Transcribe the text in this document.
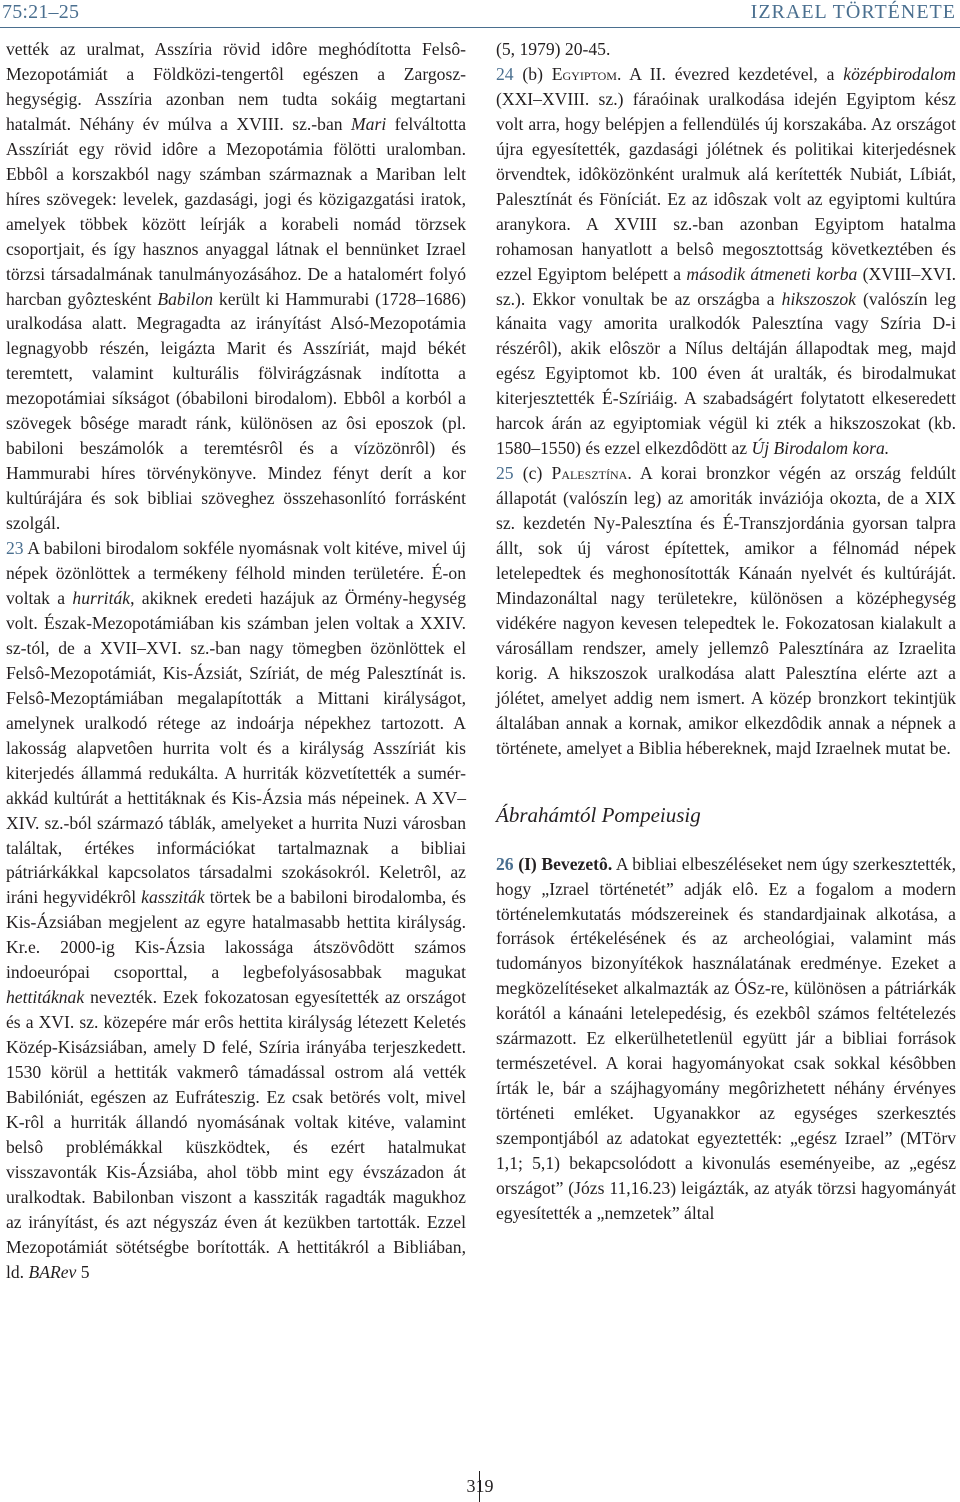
75:21–25	IZRAEL TÖRTÉNETE

vették az uralmat, Asszíria rövid idôre meghódította Felsô-Mezopotámiát a Földközi-tengertôl egészen a Zargosz-hegységig. Asszíria azonban nem tudta sokáig megtartani hatalmát. Néhány év múlva a XVIII. sz.-ban Mari felváltotta Asszíriát egy rövid idôre a Mezopotámia fölötti uralomban. Ebbôl a korszakból nagy számban származnak a Mariban lelt híres szövegek: levelek, gazdasági, jogi és közigazgatási iratok, amelyek többek között leírják a korabeli nomád törzsek csoportjait, és így hasznos anyaggal látnak el bennünket Izrael törzsi társadalmának tanulmányozásához. De a hatalomért folyó harcban gyôztesként Babilon került ki Hammurabi (1728–1686) uralkodása alatt. Megragadta az irányítást Alsó-Mezopotámia legnagyobb részén, leigázta Marit és Asszíriát, majd békét teremtett, valamint kulturális fölvirágzásnak indította a mezopotámiai síkságot (óbabiloni birodalom). Ebbôl a korból a szövegek bôsége maradt ránk, különösen az ôsi eposzok (pl. babiloni beszámolók a teremtésrôl és a vízözönrôl) és Hammurabi híres törvénykönyve. Mindez fényt derít a kor kultúrájára és sok bibliai szöveghez összehasonlító forrásként szolgál.

23 A babiloni birodalom sokféle nyomásnak volt kitéve, mivel új népek özönlöttek a termékeny félhold minden területére. É-on voltak a hurriták, akiknek eredeti hazájuk az Örmény-hegység volt. Észak-Mezopotámiában kis számban jelen voltak a XXIV. sz-tól, de a XVII–XVI. sz.-ban nagy tömegben özönlöttek el Felsô-Mezopotámiát, Kis-Ázsiát, Szíriát, de még Palesztínát is. Felsô-Mezoptámiában megalapították a Mittani királyságot, amelynek uralkodó rétege az indoárja népekhez tartozott. A lakosság alapvetôen hurrita volt és a királyság Asszíriát kis kiterjedés állammá redukálta. A hurriták közvetítették a sumér-akkád kultúrát a hettitáknak és Kis-Ázsia más népeinek. A XV–XIV. sz.-ból származó táblák, amelyeket a hurrita Nuzi városban találtak, értékes információkat tartalmaznak a bibliai pátriárkákkal kapcsolatos társadalmi szokásokról. Keletrôl, az iráni hegyvidékrôl kassziták törtek be a babiloni birodalomba, és Kis-Ázsiában megjelent az egyre hatalmasabb hettita királyság. Kr.e. 2000-ig Kis-Ázsia lakossága átszövôdött számos indoeurópai csoporttal, a legbefolyásosabbak magukat hettitáknak nevezték. Ezek fokozatosan egyesítették az országot és a XVI. sz. közepére már erôs hettita királyság létezett Keletés Közép-Kisázsiában, amely D felé, Szíria irányába terjeszkedett. 1530 körül a hettiták vakmerô támadással ostrom alá vették Babilóniát, egészen az Eufráteszig. Ez csak betörés volt, mivel K-rôl a hurriták állandó nyomásának voltak kitéve, valamint belsô problémákkal küszködtek, és ezért hatalmukat visszavonták Kis-Ázsiába, ahol több mint egy évszázadon át uralkodtak. Babilonban viszont a kassziták ragadták magukhoz az irányítást, és azt négyszáz éven át kezükben tartották. Ezzel Mezopotámiát sötétségbe borították. A hettitákról a Bibliában, ld. BARev 5

(5, 1979) 20-45.

24 (b) Egyiptom. A II. évezred kezdetével, a középbirodalom (XXI–XVIII. sz.) fáraóinak uralkodása idején Egyiptom kész volt arra, hogy belépjen a fellendülés új korszakába. Az országot újra egyesítették, gazdasági jólétnek és politikai kiterjedésnek örvendtek, idôközönként uralmuk alá kerítették Nubiát, Líbiát, Palesztínát és Föníciát. Ez az idôszak volt az egyiptomi kultúra aranykora. A XVIII sz.-ban azonban Egyiptom hatalma rohamosan hanyatlott a belsô megosztottság következtében és ezzel Egyiptom belépett a második átmeneti korba (XVIII–XVI. sz.). Ekkor vonultak be az országba a hikszoszok (valószín leg kánaita vagy amorita uralkodók Palesztína vagy Szíria D-i részérôl), akik elôször a Nílus deltáján állapodtak meg, majd egész Egyiptomot kb. 100 éven át uralták, és birodalmukat kiterjesztették É-Szíriáig. A szabadságért folytatott elkeseredett harcok árán az egyiptomiak végül ki zték a hikszoszokat (kb. 1580–1550) és ezzel elkezdôdött az Új Birodalom kora.

25 (c) Palesztína. A korai bronzkor végén az ország feldúlt állapotát (valószín leg) az amoriták inváziója okozta, de a XIX sz. kezdetén Ny-Palesztína és É-Transzjordánia gyorsan talpra állt, sok új várost építettek, amikor a félnomád népek letelepedtek és meghonosították Kánaán nyelvét és kultúráját. Mindazonáltal nagy területekre, különösen a középhegység vidékére nagyon kevesen telepedtek le. Fokozatosan kialakult a városállam rendszer, amely jellemzô Palesztínára az Izraelita korig. A hikszoszok uralkodása alatt Palesztína elérte azt a jólétet, amelyet addig nem ismert. A közép bronzkort tekintjük általában annak a kornak, amikor elkezdôdik annak a népnek a története, amelyet a Biblia hébereknek, majd Izraelnek mutat be.

Ábrahámtól Pompeiusig

26 (I) Bevezetô. A bibliai elbeszéléseket nem úgy szerkesztették, hogy „Izrael történetét” adják elô. Ez a fogalom a modern történelemkutatás módszereinek és standardjainak alkotása, a források értékelésének és az archeológiai, valamint más tudományos bizonyítékok használatának eredménye. Ezeket a megközelítéseket alkalmazták az ÓSz-re, különösen a pátriárkák korától a kánaáni letelepedésig, és ezekbôl számos feltételezés származott. Ez elkerülhetetlenül együtt jár a bibliai források természetével. A korai hagyományokat csak sokkal késôbben írták le, bár a szájhagyomány megôrizhetett néhány érvényes történeti emléket. Ugyanakkor az egységes szerkesztés szempontjából az adatokat egyeztették: „egész Izrael” (MTörv 1,1; 5,1) bekapcsolódott a kivonulás eseményeibe, az „egész országot” (Józs 11,16.23) leigázták, az atyák törzsi hagyományát egyesítették a „nemzetek” által

319
